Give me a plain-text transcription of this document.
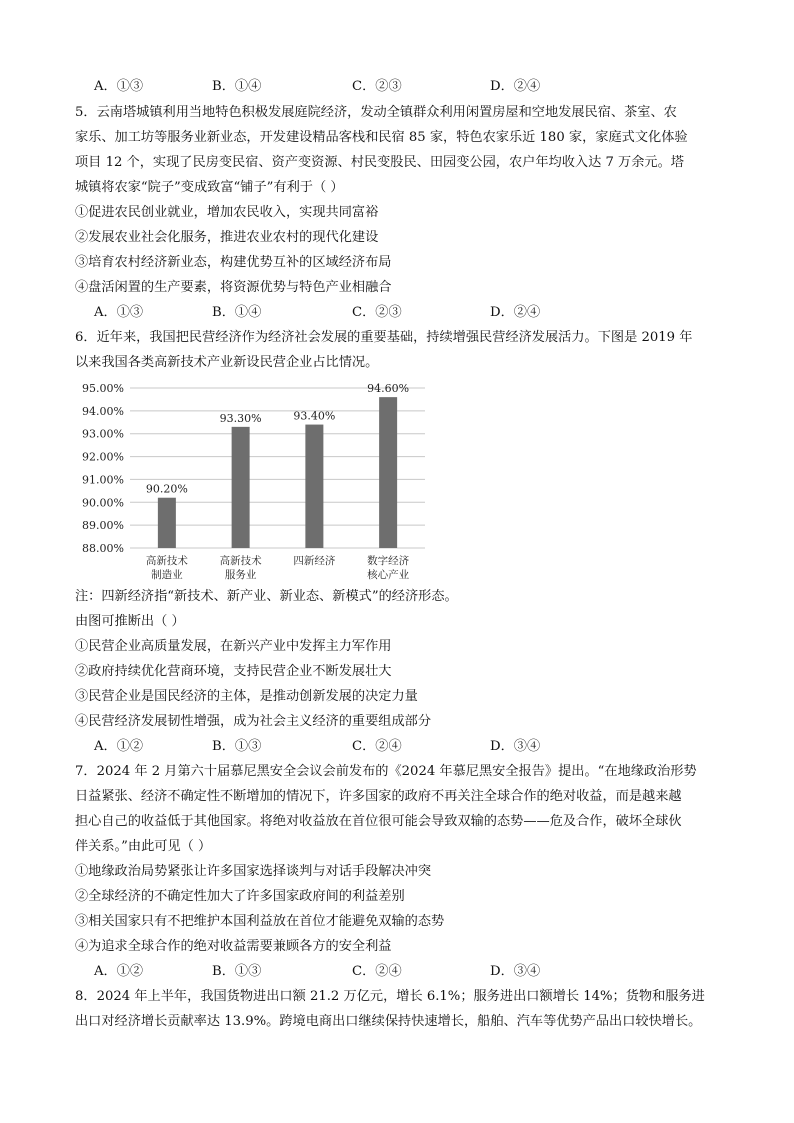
A．①③	B．①④	C．②③	D．②④
5．云南塔城镇利用当地特色积极发展庭院经济，发动全镇群众利用闲置房屋和空地发展民宿、茶室、农
家乐、加工坊等服务业新业态，开发建设精品客栈和民宿 85 家，特色农家乐近 180 家，家庭式文化体验
项目 12 个，实现了民房变民宿、资产变资源、村民变股民、田园变公园，农户年均收入达 7 万余元。塔
城镇将农家“院子”变成致富“铺子”有利于（ ）
①促进农民创业就业，增加农民收入，实现共同富裕
②发展农业社会化服务，推进农业农村的现代化建设
③培育农村经济新业态，构建优势互补的区域经济布局
④盘活闲置的生产要素，将资源优势与特色产业相融合
A．①③	B．①④	C．②③	D．②④
6．近年来，我国把民营经济作为经济社会发展的重要基础，持续增强民营经济发展活力。下图是 2019 年
以来我国各类高新技术产业新设民营企业占比情况。
88.00%
89.00%
90.00%
91.00%
92.00%
93.00%
94.00%
95.00%
90.20%
高新技术
制造业
93.30%
高新技术
服务业
93.40%
四新经济
94.60%
数字经济
核心产业
注：四新经济指“新技术、新产业、新业态、新模式”的经济形态。
由图可推断出（ ）
①民营企业高质量发展，在新兴产业中发挥主力军作用
②政府持续优化营商环境，支持民营企业不断发展壮大
③民营企业是国民经济的主体，是推动创新发展的决定力量
④民营经济发展韧性增强，成为社会主义经济的重要组成部分
A．①②	B．①③	C．②④	D．③④
7．2024 年 2 月第六十届慕尼黑安全会议会前发布的《2024 年慕尼黑安全报告》提出。“在地缘政治形势
日益紧张、经济不确定性不断增加的情况下，许多国家的政府不再关注全球合作的绝对收益，而是越来越
担心自己的收益低于其他国家。将绝对收益放在首位很可能会导致双输的态势——危及合作，破坏全球伙
伴关系。”由此可见（ ）
①地缘政治局势紧张让许多国家选择谈判与对话手段解决冲突
②全球经济的不确定性加大了许多国家政府间的利益差别
③相关国家只有不把维护本国利益放在首位才能避免双输的态势
④为追求全球合作的绝对收益需要兼顾各方的安全利益
A．①②	B．①③	C．②④	D．③④
8．2024 年上半年，我国货物进出口额 21.2 万亿元，增长 6.1%；服务进出口额增长 14%；货物和服务进
出口对经济增长贡献率达 13.9%。跨境电商出口继续保持快速增长，船舶、汽车等优势产品出口较快增长。
